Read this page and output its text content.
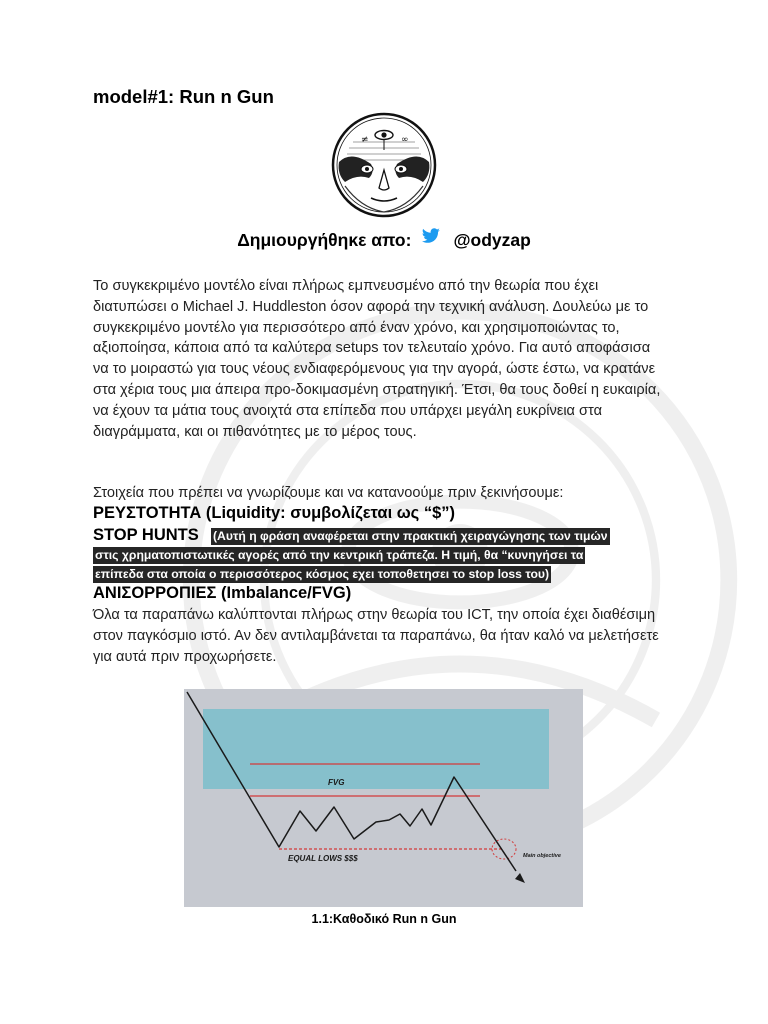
model#1: Run n Gun
≠	∞
Δημιουργήθηκε απο: @odyzap
Το συγκεκριμένο μοντέλο είναι πλήρως εμπνευσμένο από την θεωρία που έχει διατυπώσει ο Michael J. Huddleston όσον αφορά την τεχνική ανάλυση. Δουλεύω με το συγκεκριμένο μοντέλο για περισσότερο από έναν χρόνο, και χρησιμοποιώντας το, αξιοποίησα, κάποια από τα καλύτερα setups τον τελευταίο χρόνο. Για αυτό αποφάσισα να το μοιραστώ για τους νέους ενδιαφερόμενους για την αγορά, ώστε έστω, να κρατάνε στα χέρια τους μια άπειρα προ-δοκιμασμένη στρατηγική. Έτσι, θα τους δοθεί η ευκαιρία, να έχουν τα μάτια τους ανοιχτά στα επίπεδα που υπάρχει μεγάλη ευκρίνεια στα διαγράμματα, και οι πιθανότητες με το μέρος τους.
Στοιχεία που πρέπει να γνωρίζουμε και να κατανοούμε πριν ξεκινήσουμε:
ΡΕΥΣΤΟΤΗΤΑ (Liquidity: συμβολίζεται ως “$”)
STOP HUNTS (Αυτή η φράση αναφέρεται στην πρακτική χειραγώγησης των τιμών
στις χρηματοπιστωτικές αγορές από την κεντρική τράπεζα. Η τιμή, θα “κυνηγήσει τα
επίπεδα στα οποία ο περισσότερος κόσμος εχει τοποθετησει το stop loss του)
ΑΝΙΣΟΡΡΟΠΙΕΣ (Imbalance/FVG)
Όλα τα παραπάνω καλύπτονται πλήρως στην θεωρία του ICT, την οποία έχει διαθέσιμη στον παγκόσμιο ιστό. Αν δεν αντιλαμβάνεται τα παραπάνω, θα ήταν καλό να μελετήσετε για αυτά πριν προχωρήσετε.
FVG
EQUAL LOWS $$$	Main objective
1.1:Καθοδικό Run n Gun
